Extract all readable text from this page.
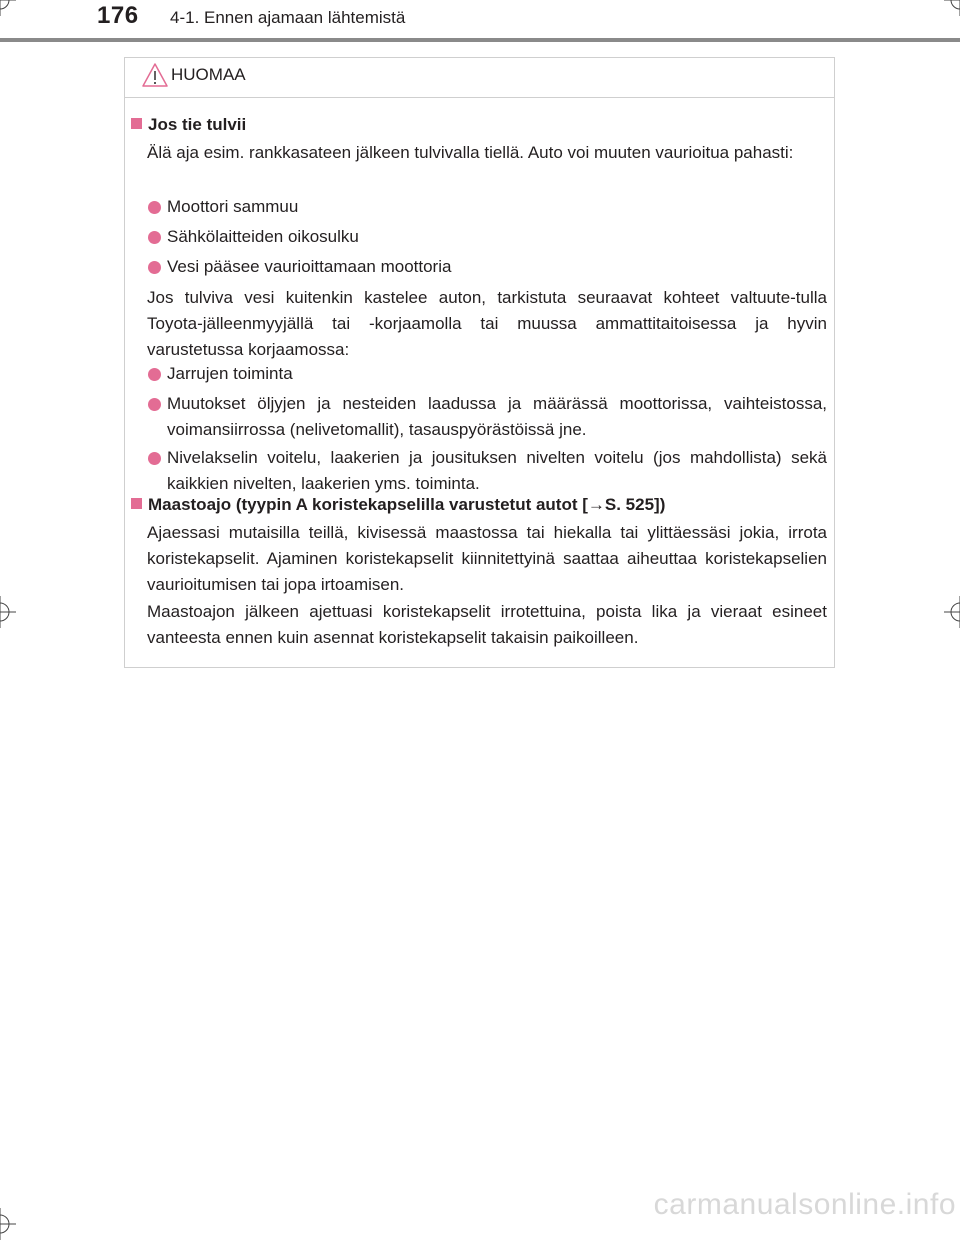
176 4-1. Ennen ajamaan lähtemistä
HUOMAA
Jos tie tulvii
Älä aja esim. rankkasateen jälkeen tulvivalla tiellä. Auto voi muuten vaurioitua pahasti:
Moottori sammuu
Sähkölaitteiden oikosulku
Vesi pääsee vaurioittamaan moottoria
Jos tulviva vesi kuitenkin kastelee auton, tarkistuta seuraavat kohteet valtuute-tulla Toyota-jälleenmyyjällä tai -korjaamolla tai muussa ammattitaitoisessa ja hyvin varustetussa korjaamossa:
Jarrujen toiminta
Muutokset öljyjen ja nesteiden laadussa ja määrässä moottorissa, vaihteistossa, voimansiirrossa (nelivetomallit), tasauspyörästöissä jne.
Nivelakselin voitelu, laakerien ja jousituksen nivelten voitelu (jos mahdollista) sekä kaikkien nivelten, laakerien yms. toiminta.
Maastoajo (tyypin A koristekapselilla varustetut autot [→S. 525])
Ajaessasi mutaisilla teillä, kivisessä maastossa tai hiekalla tai ylittäessäsi jokia, irrota koristekapselit. Ajaminen koristekapselit kiinnitettyinä saattaa aiheuttaa koristekapselien vaurioitumisen tai jopa irtoamisen.
Maastoajon jälkeen ajettuasi koristekapselit irrotettuina, poista lika ja vieraat esineet vanteesta ennen kuin asennat koristekapselit takaisin paikoilleen.
carmanualsonline.info
